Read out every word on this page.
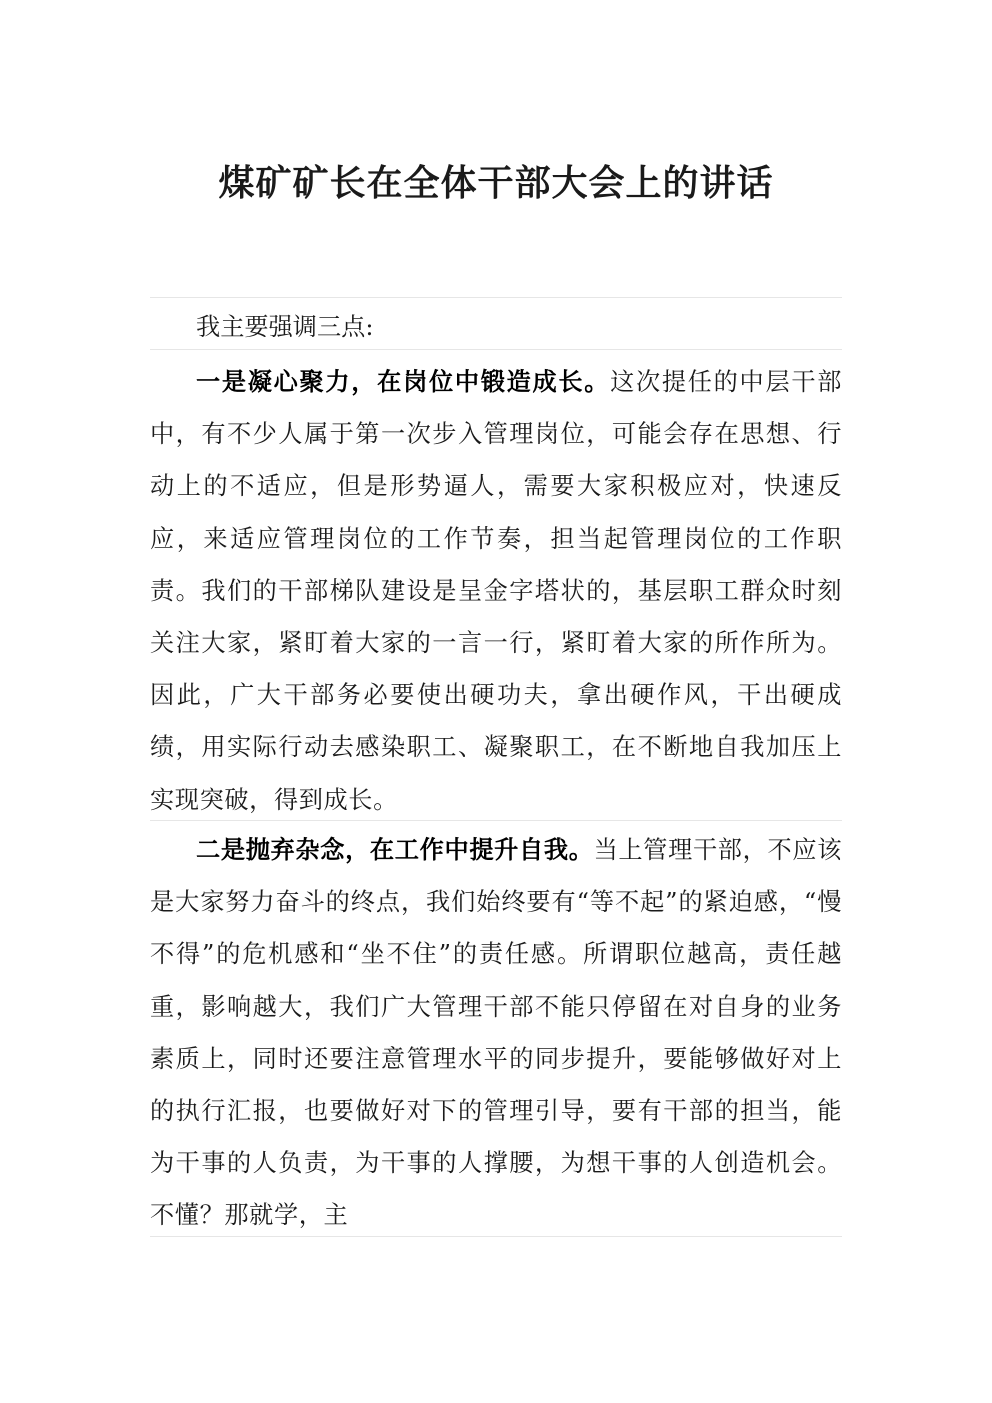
煤矿矿长在全体干部大会上的讲话

我主要强调三点:

一是凝心聚力，在岗位中锻造成长。这次提任的中层干部中，有不少人属于第一次步入管理岗位，可能会存在思想、行动上的不适应，但是形势逼人，需要大家积极应对，快速反应，来适应管理岗位的工作节奏，担当起管理岗位的工作职责。我们的干部梯队建设是呈金字塔状的，基层职工群众时刻关注大家，紧盯着大家的一言一行，紧盯着大家的所作所为。因此，广大干部务必要使出硬功夫，拿出硬作风，干出硬成绩，用实际行动去感染职工、凝聚职工，在不断地自我加压上实现突破，得到成长。

二是抛弃杂念，在工作中提升自我。当上管理干部，不应该是大家努力奋斗的终点，我们始终要有“等不起”的紧迫感，“慢不得”的危机感和“坐不住”的责任感。所谓职位越高，责任越重，影响越大，我们广大管理干部不能只停留在对自身的业务素质上，同时还要注意管理水平的同步提升，要能够做好对上的执行汇报，也要做好对下的管理引导，要有干部的担当，能为干事的人负责，为干事的人撑腰，为想干事的人创造机会。不懂？那就学，主
